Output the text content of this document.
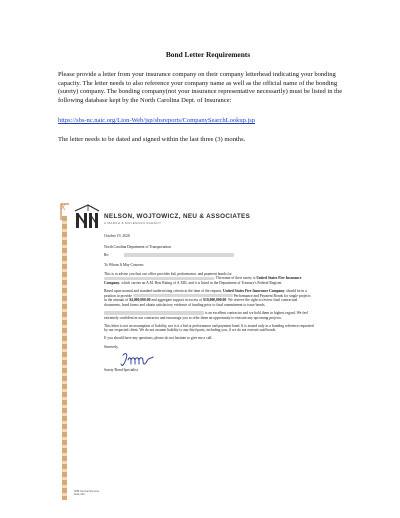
Bond Letter Requirements

Please provide a letter from your insurance company on their company letterhead indicating your bonding capacity. The letter needs to also reference your company name as well as the official name of the bonding (surety) company. The bonding company(not your insurance representative necessarily) must be listed in the following database kept by the North Carolina Dept. of Insurance:

https://sbs-nc.naic.org/Lion-Web/jsp/sbsreports/CompanySearchLookup.jsp

The letter needs to be dated and signed within the last three (3) months.

NELSON, WOJTOWICZ, NEU & ASSOCIATES
A MARSH & MCLENNAN AGENCY

October 19, 2020

North Carolina Department of Transportation

Re:

To Whom It May Concern:

This is to advise you that our office provides bid, performance, and payment bonds for . The name of their surety is United States Fire Insurance Company, which carries an A.M. Best Rating of A XIII, and it is listed in the Department of Treasury's Federal Register.

Based upon normal and standard underwriting criteria at the time of the request, United States Fire Insurance Company, should be in a position to provide	Performance and Payment Bonds for single projects in the amount of $4,000,000.00 and aggregate support in excess of $10,000,000.00. We reserve the right to review final contractual documents, bond forms and obtain satisfactory evidence of funding prior to final commitment to issue bonds.

is an excellent contractor and we hold them in highest regard. We feel extremely confident in our contractor and encourage you to offer them an opportunity to execute any upcoming projects.

This letter is not an assumption of liability, nor is it a bid or performance and payment bond. It is issued only as a bonding reference requested by our respected client. We do not assume liability to any third party, including you, if we do not execute said bonds.

If you should have any questions, please do not hesitate to give me a call.

Sincerely,

Surety Bond Specialist

NNB General Services
Suite 000
